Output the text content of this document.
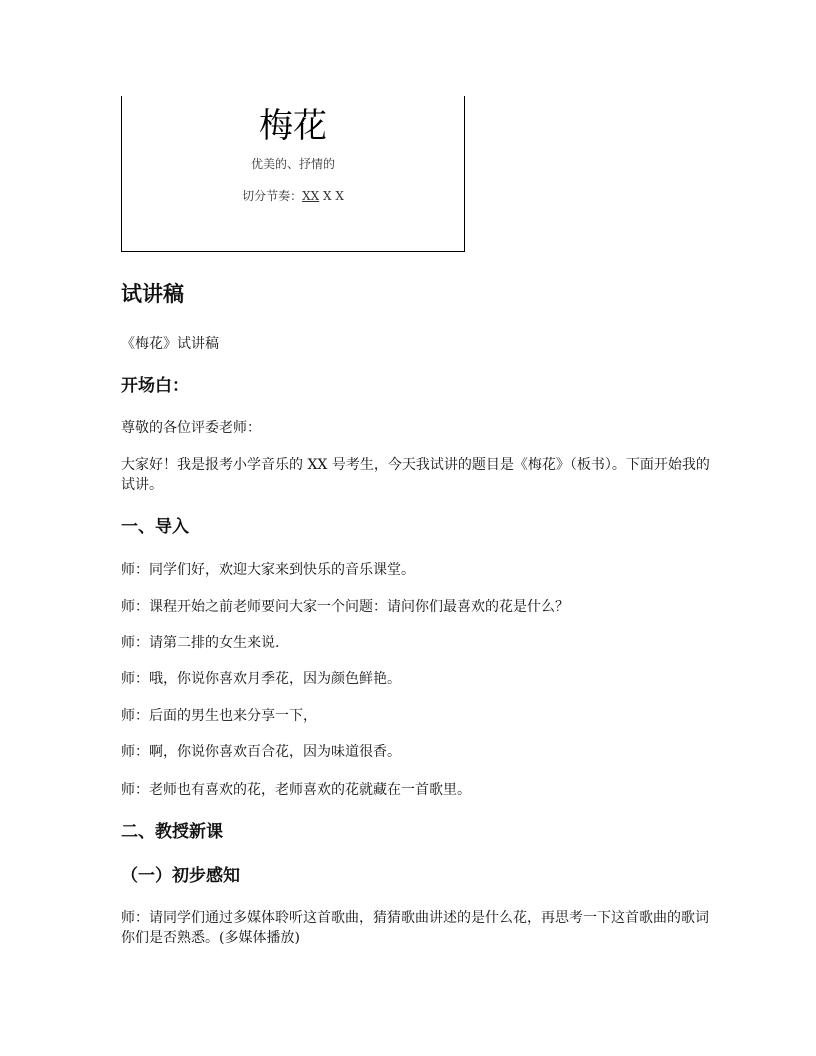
梅花
优美的、抒情的
切分节奏：XX X X
试讲稿
《梅花》试讲稿
开场白：
尊敬的各位评委老师：
大家好！我是报考小学音乐的 XX 号考生，今天我试讲的题目是《梅花》（板书）。下面开始我的试讲。
一、导入
师：同学们好，欢迎大家来到快乐的音乐课堂。
师：课程开始之前老师要问大家一个问题：请问你们最喜欢的花是什么？
师：请第二排的女生来说.
师：哦，你说你喜欢月季花，因为颜色鲜艳。
师：后面的男生也来分享一下，
师：啊，你说你喜欢百合花，因为味道很香。
师：老师也有喜欢的花，老师喜欢的花就藏在一首歌里。
二、教授新课
（一）初步感知
师：请同学们通过多媒体聆听这首歌曲，猜猜歌曲讲述的是什么花，再思考一下这首歌曲的歌词你们是否熟悉。(多媒体播放)
